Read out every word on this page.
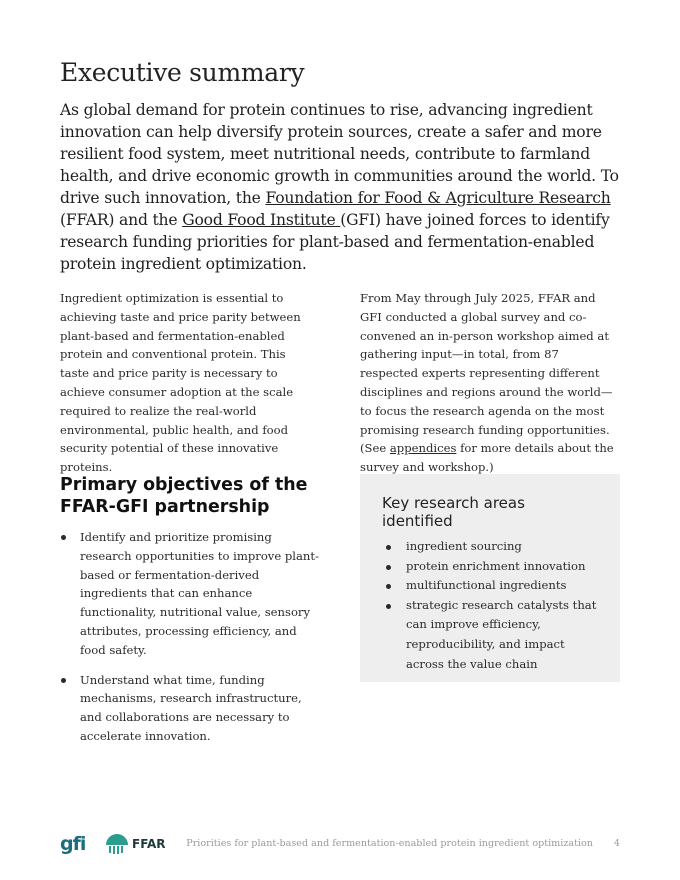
Executive summary

As global demand for protein continues to rise, advancing ingredient innovation can help diversify protein sources, create a safer and more resilient food system, meet nutritional needs, contribute to farmland health, and drive economic growth in communities around the world. To drive such innovation, the Foundation for Food & Agriculture Research (FFAR) and the Good Food Institute (GFI) have joined forces to identify research funding priorities for plant-based and fermentation-enabled protein ingredient optimization.

Ingredient optimization is essential to achieving taste and price parity between plant-based and fermentation-enabled protein and conventional protein. This taste and price parity is necessary to achieve consumer adoption at the scale required to realize the real-world environmental, public health, and food security potential of these innovative proteins.

From May through July 2025, FFAR and GFI conducted a global survey and co-convened an in-person workshop aimed at gathering input—in total, from 87 respected experts representing different disciplines and regions around the world—to focus the research agenda on the most promising research funding opportunities. (See appendices for more details about the survey and workshop.)

Primary objectives of the FFAR-GFI partnership
Identify and prioritize promising research opportunities to improve plant-based or fermentation-derived ingredients that can enhance functionality, nutritional value, sensory attributes, processing efficiency, and food safety.
Understand what time, funding mechanisms, research infrastructure, and collaborations are necessary to accelerate innovation.
Key research areas identified
ingredient sourcing
protein enrichment innovation
multifunctional ingredients
strategic research catalysts that can improve efficiency, reproducibility, and impact across the value chain
gfi	FFAR Priorities for plant-based and fermentation-enabled protein ingredient optimization 4
